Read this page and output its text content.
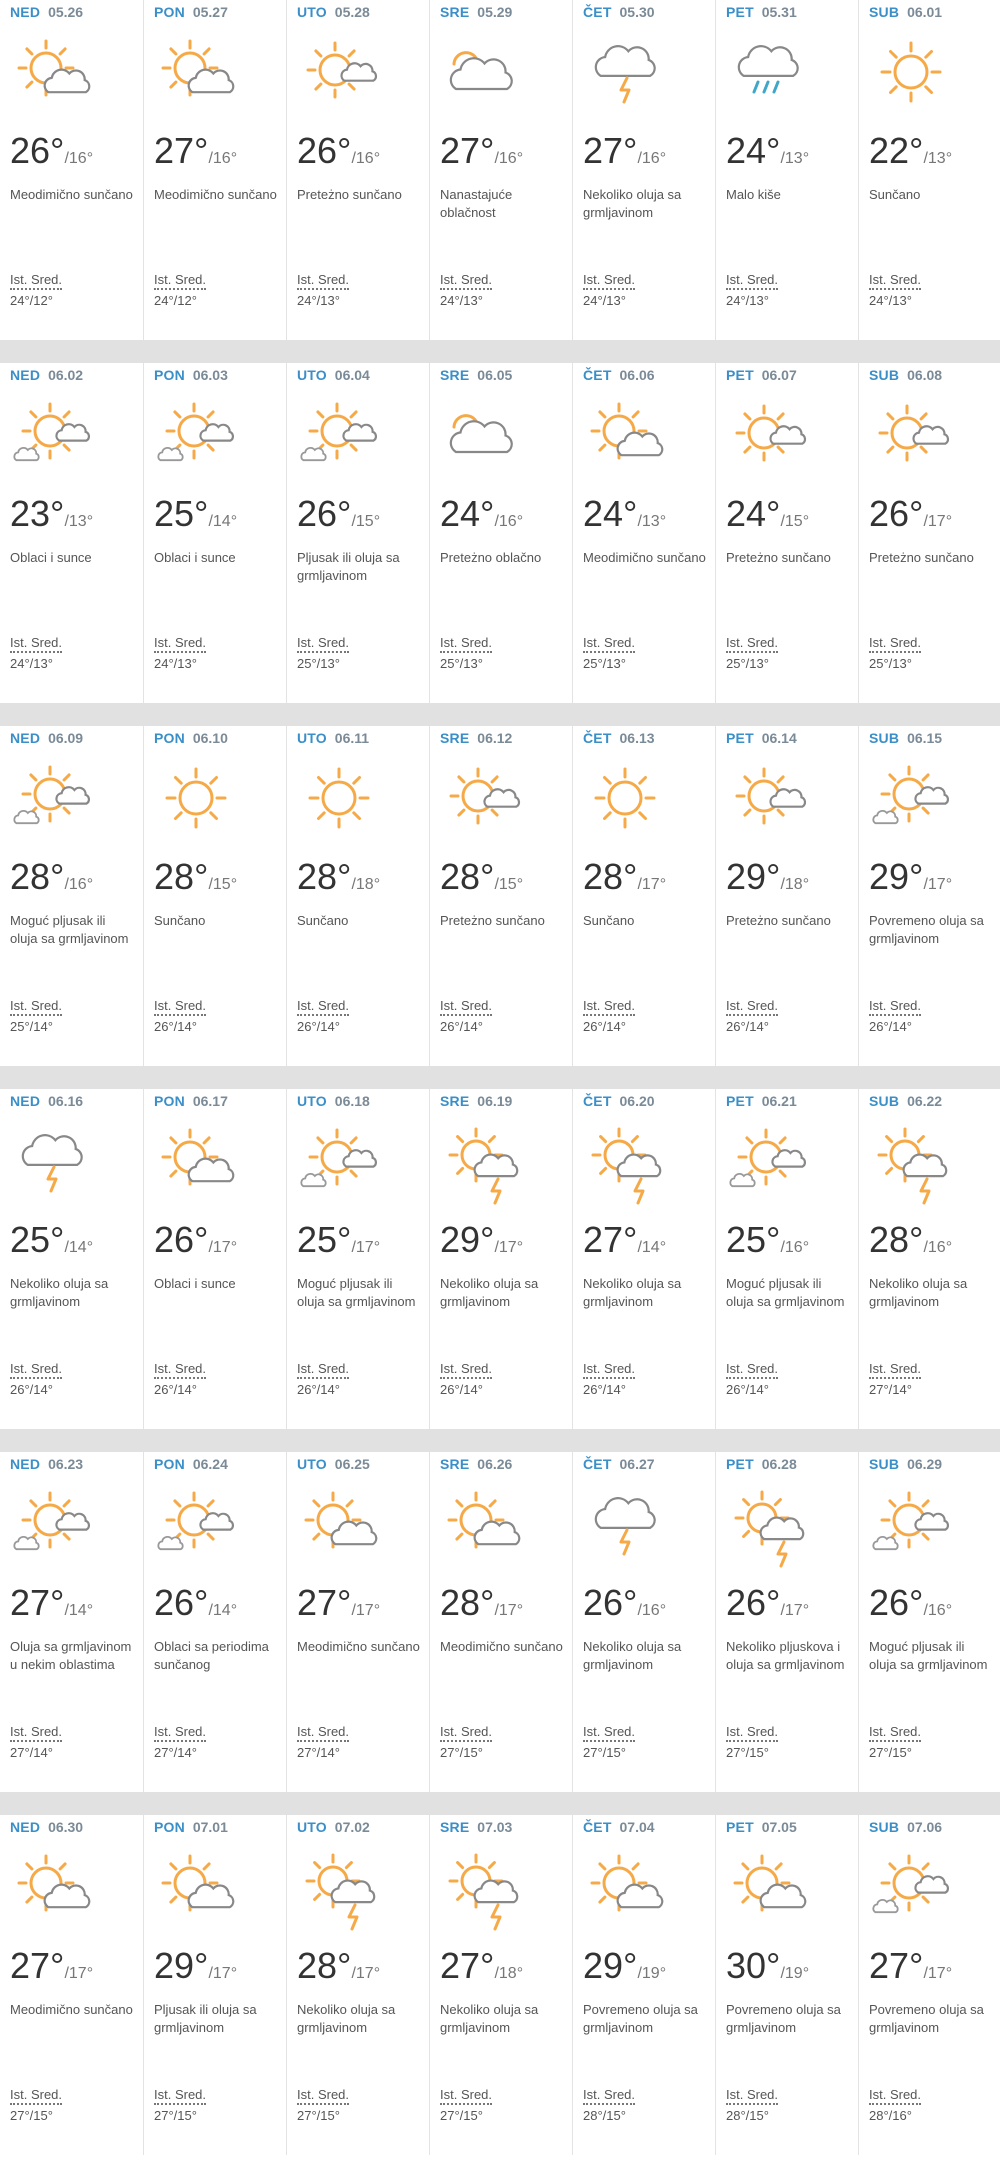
NED 05.26
26°/16°
Meodimično sunčano
Ist. Sred.
24°/12°
PON 05.27
27°/16°
Meodimično sunčano
Ist. Sred.
24°/12°
UTO 05.28
26°/16°
Preteżno sunčano
Ist. Sred.
24°/13°
SRE 05.29
27°/16°
Nanastajuće oblačnost
Ist. Sred.
24°/13°
ČET 05.30
27°/16°
Nekoliko oluja sa grmljavinom
Ist. Sred.
24°/13°
PET 05.31
24°/13°
Malo kiše
Ist. Sred.
24°/13°
SUB 06.01
22°/13°
Sunčano
Ist. Sred.
24°/13°
NED 06.02
23°/13°
Oblaci i sunce
Ist. Sred.
24°/13°
PON 06.03
25°/14°
Oblaci i sunce
Ist. Sred.
24°/13°
UTO 06.04
26°/15°
Pljusak ili oluja sa grmljavinom
Ist. Sred.
25°/13°
SRE 06.05
24°/16°
Preteżno oblačno
Ist. Sred.
25°/13°
ČET 06.06
24°/13°
Meodimično sunčano
Ist. Sred.
25°/13°
PET 06.07
24°/15°
Preteżno sunčano
Ist. Sred.
25°/13°
SUB 06.08
26°/17°
Preteżno sunčano
Ist. Sred.
25°/13°
NED 06.09
28°/16°
Moguć pljusak ili oluja sa grmljavinom
Ist. Sred.
25°/14°
PON 06.10
28°/15°
Sunčano
Ist. Sred.
26°/14°
UTO 06.11
28°/18°
Sunčano
Ist. Sred.
26°/14°
SRE 06.12
28°/15°
Preteżno sunčano
Ist. Sred.
26°/14°
ČET 06.13
28°/17°
Sunčano
Ist. Sred.
26°/14°
PET 06.14
29°/18°
Preteżno sunčano
Ist. Sred.
26°/14°
SUB 06.15
29°/17°
Povremeno oluja sa grmljavinom
Ist. Sred.
26°/14°
NED 06.16
25°/14°
Nekoliko oluja sa grmljavinom
Ist. Sred.
26°/14°
PON 06.17
26°/17°
Oblaci i sunce
Ist. Sred.
26°/14°
UTO 06.18
25°/17°
Moguć pljusak ili oluja sa grmljavinom
Ist. Sred.
26°/14°
SRE 06.19
29°/17°
Nekoliko oluja sa grmljavinom
Ist. Sred.
26°/14°
ČET 06.20
27°/14°
Nekoliko oluja sa grmljavinom
Ist. Sred.
26°/14°
PET 06.21
25°/16°
Moguć pljusak ili oluja sa grmljavinom
Ist. Sred.
26°/14°
SUB 06.22
28°/16°
Nekoliko oluja sa grmljavinom
Ist. Sred.
27°/14°
NED 06.23
27°/14°
Oluja sa grmljavinom u nekim oblastima
Ist. Sred.
27°/14°
PON 06.24
26°/14°
Oblaci sa periodima sunčanog
Ist. Sred.
27°/14°
UTO 06.25
27°/17°
Meodimično sunčano
Ist. Sred.
27°/14°
SRE 06.26
28°/17°
Meodimično sunčano
Ist. Sred.
27°/15°
ČET 06.27
26°/16°
Nekoliko oluja sa grmljavinom
Ist. Sred.
27°/15°
PET 06.28
26°/17°
Nekoliko pljuskova i oluja sa grmljavinom
Ist. Sred.
27°/15°
SUB 06.29
26°/16°
Moguć pljusak ili oluja sa grmljavinom
Ist. Sred.
27°/15°
NED 06.30
27°/17°
Meodimično sunčano
Ist. Sred.
27°/15°
PON 07.01
29°/17°
Pljusak ili oluja sa grmljavinom
Ist. Sred.
27°/15°
UTO 07.02
28°/17°
Nekoliko oluja sa grmljavinom
Ist. Sred.
27°/15°
SRE 07.03
27°/18°
Nekoliko oluja sa grmljavinom
Ist. Sred.
27°/15°
ČET 07.04
29°/19°
Povremeno oluja sa grmljavinom
Ist. Sred.
28°/15°
PET 07.05
30°/19°
Povremeno oluja sa grmljavinom
Ist. Sred.
28°/15°
SUB 07.06
27°/17°
Povremeno oluja sa grmljavinom
Ist. Sred.
28°/16°
